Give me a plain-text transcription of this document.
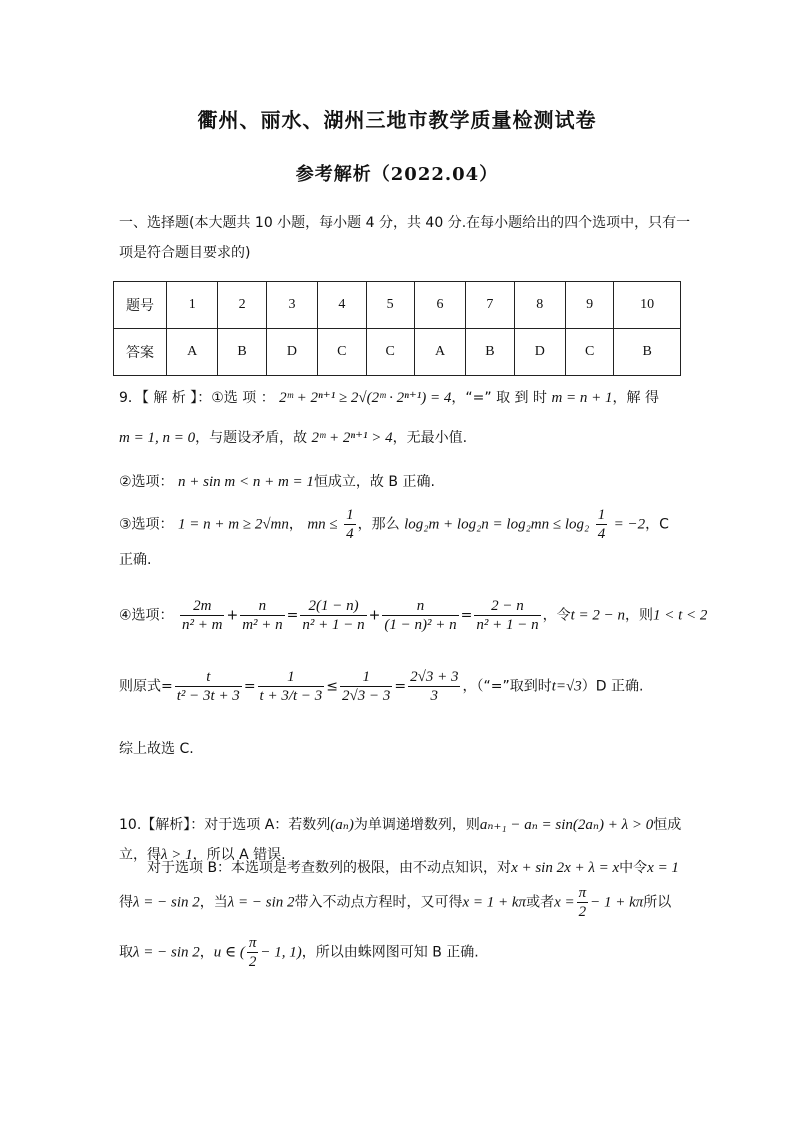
衢州、丽水、湖州三地市教学质量检测试卷
参考解析（2022.04）
一、选择题(本大题共 10 小题，每小题 4 分，共 40 分.在每小题给出的四个选项中，只有一
项是符合题目要求的)
题号	1	2	3	4	5	6	7	8	9	10
答案	A	B	D	C	C	A	B	D	C	B
9．【 解 析 】：①选 项 ： 2ᵐ + 2ⁿ⁺¹ ≥ 2√(2ᵐ · 2ⁿ⁺¹) = 4，“=” 取 到 时 m = n + 1，解 得
m = 1, n = 0，与题设矛盾，故 2ᵐ + 2ⁿ⁺¹ > 4，无最小值.
②选项： n + sin m < n + m = 1恒成立，故 B 正确.
③选项： 1 = n + m ≥ 2√mn， mn ≤ $\frac{1}{4}$ ，那么 $\log_2m + \log_2n = \log_2mn \le \log_2 \frac{1}{4} = -2$，C
正确.
④选项： $\frac{2m}{\text{n² + m}} + \frac{n}{\text{m² + n}} = \frac{2(1 - n)}{\text{n² + 1 − n}} + \frac{n}{\text{(1 − n)² + n}} = \frac{2 - n}{\text{n² + 1 − n}}$ ，令t = 2 − n，则1 < t < 2
则原式= $\frac{t}{\text{t² − 3t + 3}} = \frac{1}{t + 3/t - 3} \le \frac{1}{2√3 - 3} = \frac{2√3 + 3}{3}$ ，（“=”取到时t=√3）D 正确.
综上故选 C.
10.【解析】：对于选项 A：若数列(aₙ)为单调递增数列，则aₙ₊₁ − aₙ = sin(2aₙ) + λ > 0恒成
立，得λ > 1，所以 A 错误.
对于选项 B：本选项是考查数列的极限，由不动点知识，对x + sin 2x + λ = x中令x = 1
得λ = − sin 2，当λ = − sin 2带入不动点方程时，又可得x = 1 + kπ或者$x = \frac{\pi}{2} - 1 + k\pi$所以
取λ = − sin 2，u ∈ ( $\frac{\pi}{2} - 1$, 1)，所以由蛛网图可知 B 正确.
